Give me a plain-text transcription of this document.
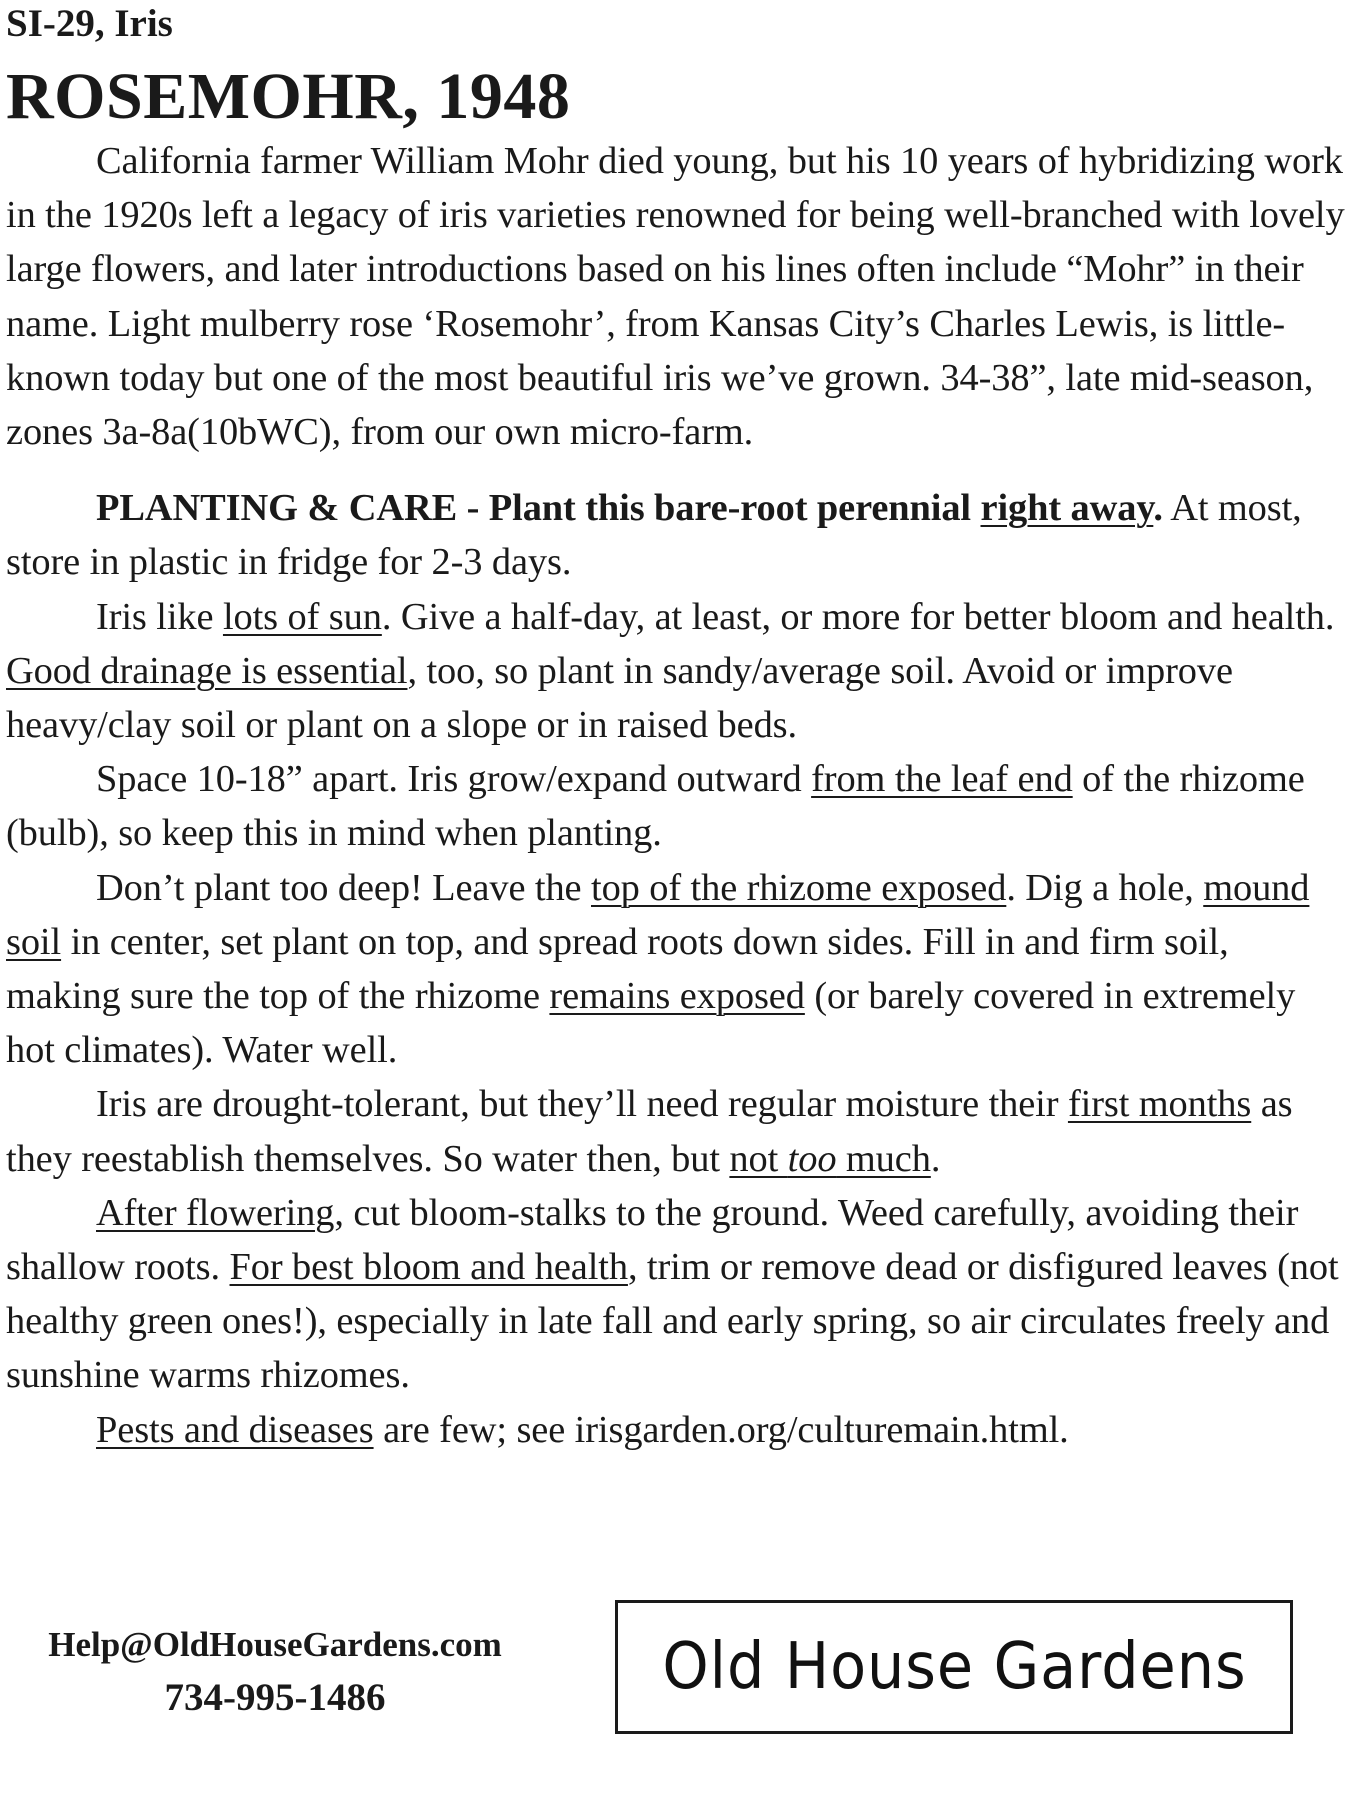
SI-29, Iris
ROSEMOHR, 1948

California farmer William Mohr died young, but his 10 years of hybridizing work in the 1920s left a legacy of iris varieties renowned for being well-branched with lovely large flowers, and later introductions based on his lines often include “Mohr” in their name. Light mulberry rose ‘Rosemohr’, from Kansas City’s Charles Lewis, is little-known today but one of the most beautiful iris we’ve grown. 34-38”, late mid-season, zones 3a-8a(10bWC), from our own micro-farm.

PLANTING & CARE - Plant this bare-root perennial right away. At most, store in plastic in fridge for 2-3 days.

Iris like lots of sun. Give a half-day, at least, or more for better bloom and health. Good drainage is essential, too, so plant in sandy/average soil. Avoid or improve heavy/clay soil or plant on a slope or in raised beds.

Space 10-18” apart. Iris grow/expand outward from the leaf end of the rhizome (bulb), so keep this in mind when planting.

Don’t plant too deep! Leave the top of the rhizome exposed. Dig a hole, mound soil in center, set plant on top, and spread roots down sides. Fill in and firm soil, making sure the top of the rhizome remains exposed (or barely covered in extremely hot climates). Water well.

Iris are drought-tolerant, but they’ll need regular moisture their first months as they reestablish themselves. So water then, but not too much.

After flowering, cut bloom-stalks to the ground. Weed carefully, avoiding their shallow roots. For best bloom and health, trim or remove dead or disfigured leaves (not healthy green ones!), especially in late fall and early spring, so air circulates freely and sunshine warms rhizomes.

Pests and diseases are few; see irisgarden.org/culturemain.html.

Help@OldHouseGardens.com
734-995-1486	Old House Gardens
